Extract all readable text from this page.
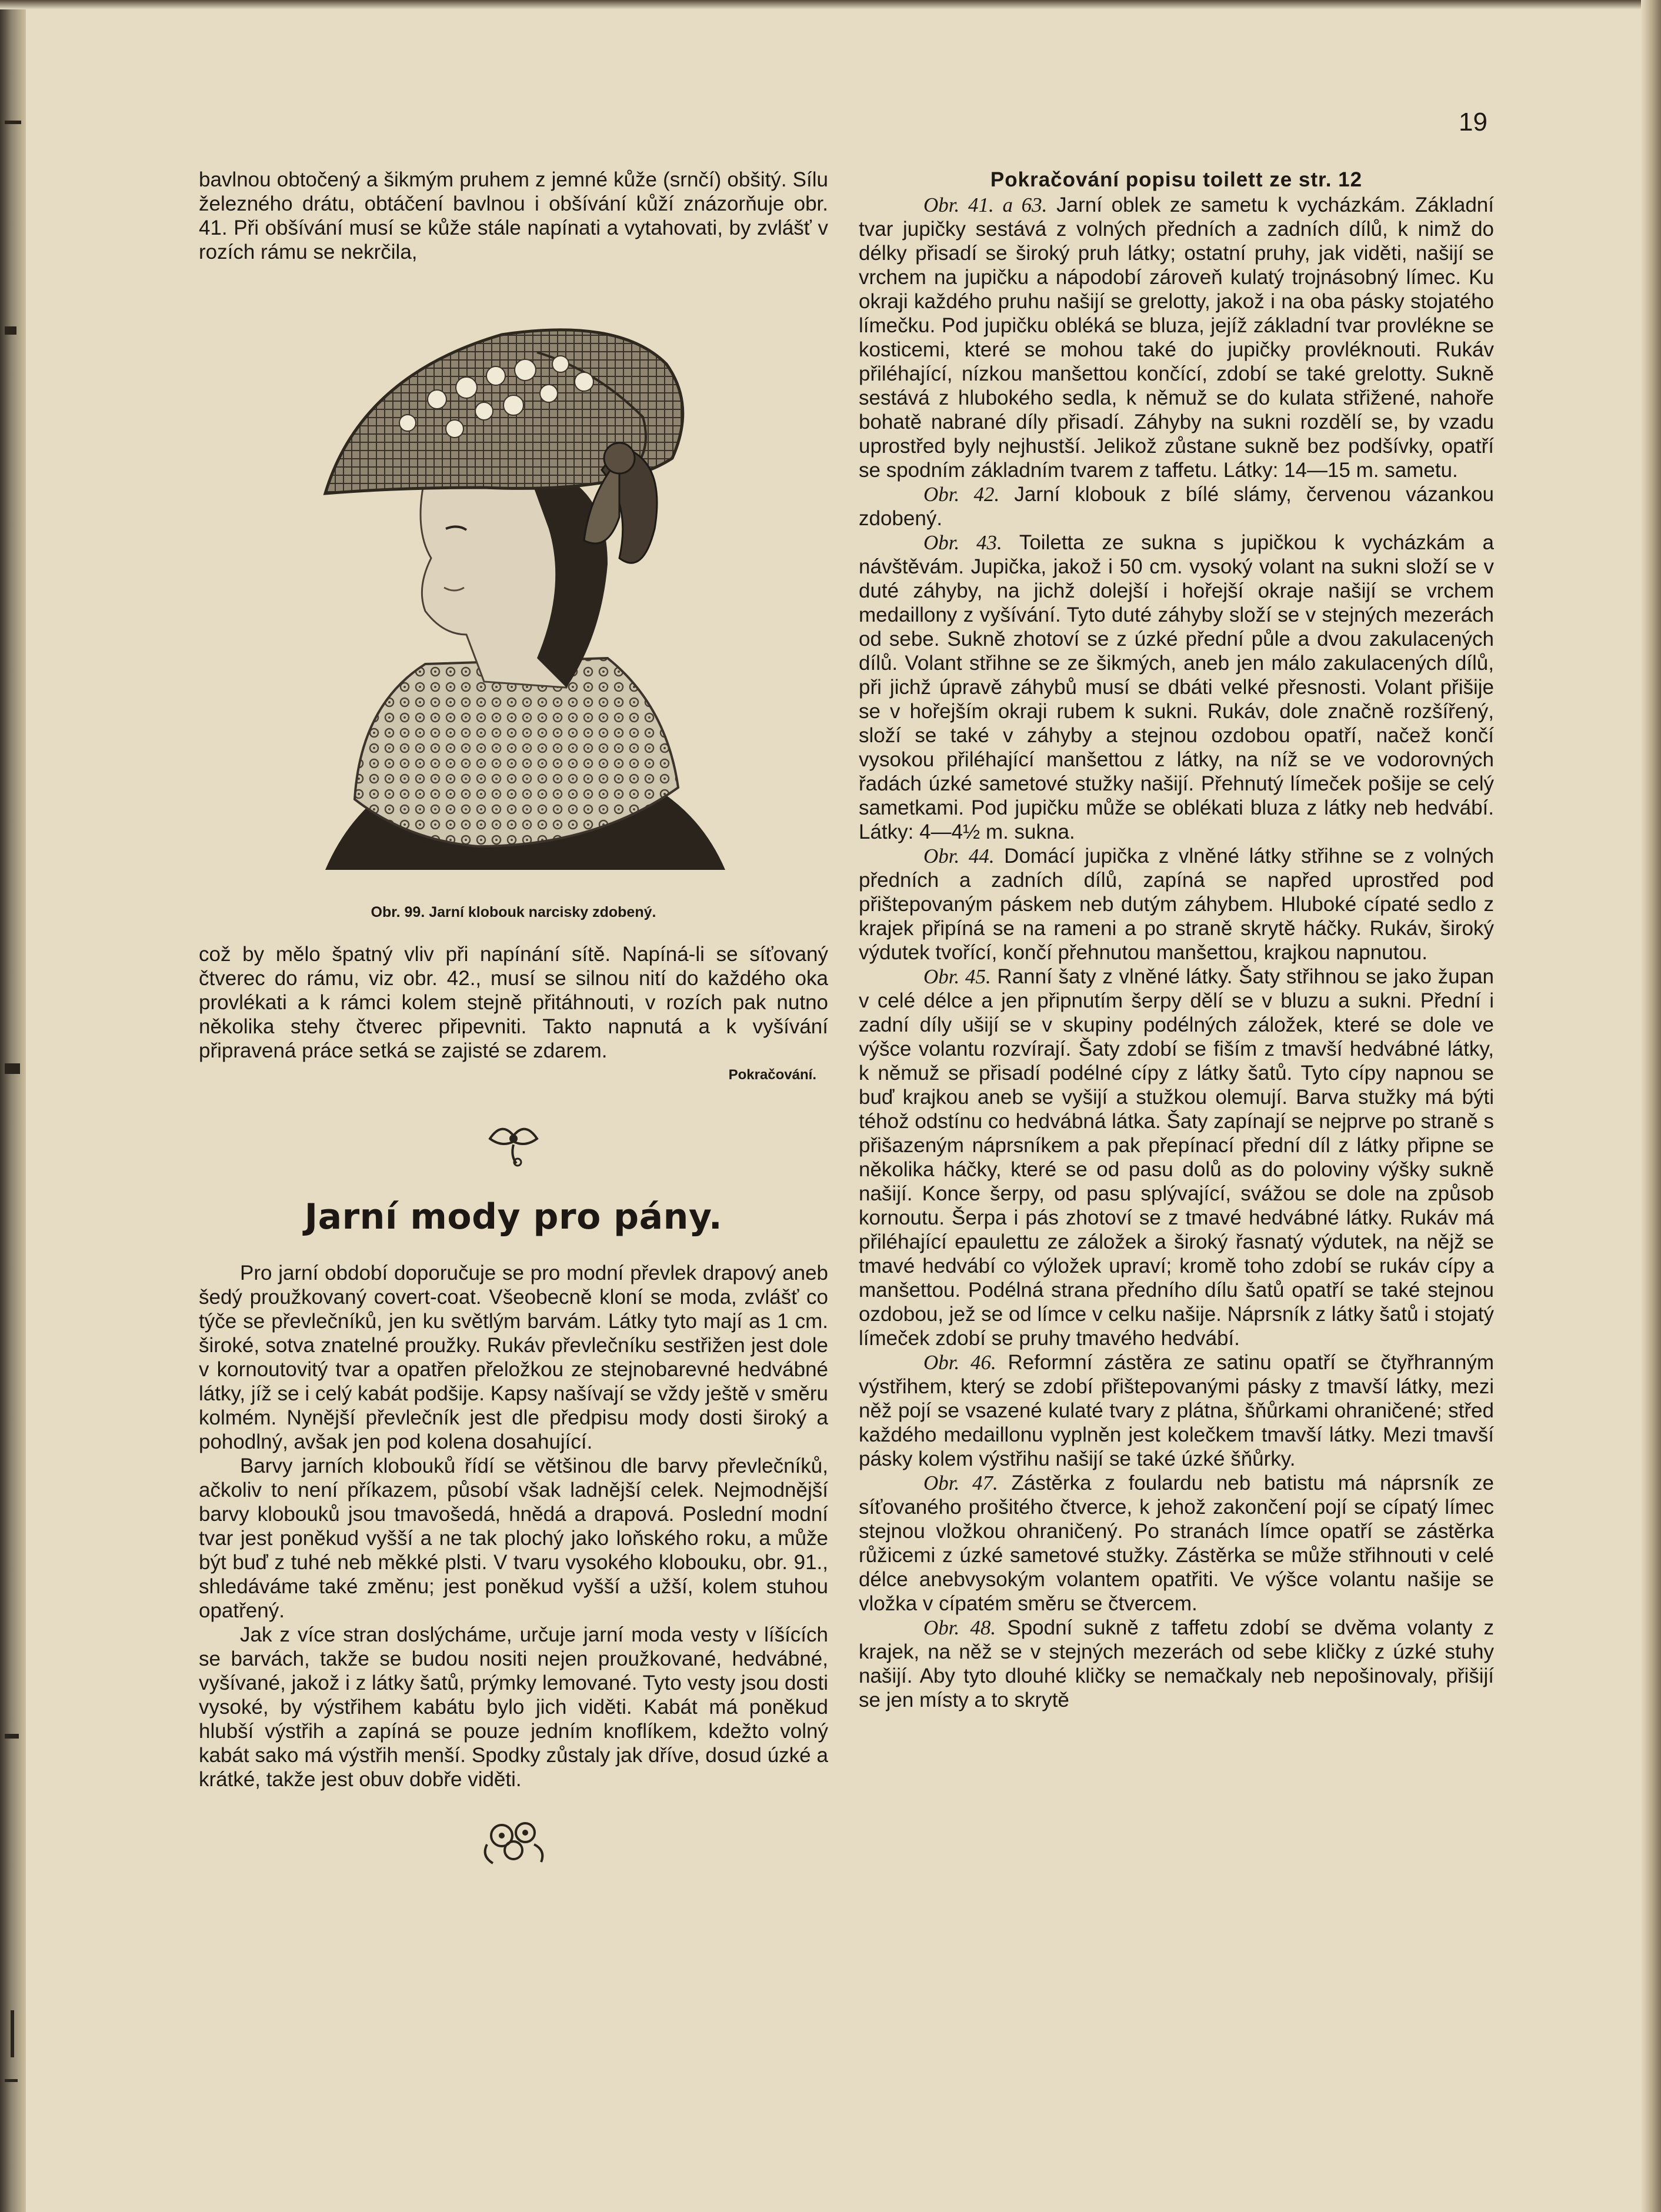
19

bavlnou obtočený a šikmým pruhem z jemné kůže (srnčí) obšitý. Sílu železného drátu, obtáčení bavlnou i obšívání kůží znázorňuje obr. 41. Při obšívání musí se kůže stále napínati a vytahovati, by zvlášť v rozích rámu se nekrčila,

Obr. 99. Jarní klobouk narcisky zdobený.

což by mělo špatný vliv při napínání sítě. Napíná-li se síťovaný čtverec do rámu, viz obr. 42., musí se silnou nití do každého oka provlékati a k rámci kolem stejně přitáhnouti, v rozích pak nutno několika stehy čtverec připevniti. Takto napnutá a k vyšívání připravená práce setká se zajisté se zdarem.

Pokračování.
Jarní mody pro pány.

Pro jarní období doporučuje se pro modní převlek drapový aneb šedý proužkovaný covert-coat. Všeobecně kloní se moda, zvlášť co týče se převlečníků, jen ku světlým barvám. Látky tyto mají as 1 cm. široké, sotva znatelné proužky. Rukáv převlečníku sestřižen jest dole v kornoutovitý tvar a opatřen přeložkou ze stejnobarevné hedvábné látky, jíž se i celý kabát podšije. Kapsy našívají se vždy ještě v směru kolmém. Nynější převlečník jest dle předpisu mody dosti široký a pohodlný, avšak jen pod kolena dosahující.

Barvy jarních klobouků řídí se většinou dle barvy převlečníků, ačkoliv to není příkazem, působí však ladnější celek. Nejmodnější barvy klobouků jsou tmavošedá, hnědá a drapová. Poslední modní tvar jest poněkud vyšší a ne tak plochý jako loňského roku, a může být buď z tuhé neb měkké plsti. V tvaru vysokého klobouku, obr. 91., shledáváme také změnu; jest poněkud vyšší a užší, kolem stuhou opatřený.

Jak z více stran doslýcháme, určuje jarní moda vesty v líšících se barvách, takže se budou nositi nejen proužkované, hedvábné, vyšívané, jakož i z látky šatů, prýmky lemované. Tyto vesty jsou dosti vysoké, by výstřihem kabátu bylo jich viděti. Kabát má poněkud hlubší výstřih a zapíná se pouze jedním knoflíkem, kdežto volný kabát sako má výstřih menší. Spodky zůstaly jak dříve, dosud úzké a krátké, takže jest obuv dobře viděti.

Pokračování popisu toilett ze str. 12

Obr. 41. a 63. Jarní oblek ze sametu k vycházkám. Základní tvar jupičky sestává z volných předních a zadních dílů, k nimž do délky přisadí se široký pruh látky; ostatní pruhy, jak viděti, našijí se vrchem na jupičku a nápodobí zároveň kulatý trojnásobný límec. Ku okraji každého pruhu našijí se grelotty, jakož i na oba pásky stojatého límečku. Pod jupičku obléká se bluza, jejíž základní tvar provlékne se kosticemi, které se mohou také do jupičky provléknouti. Rukáv přiléhající, nízkou manšettou končící, zdobí se také grelotty. Sukně sestává z hlubokého sedla, k němuž se do kulata střižené, nahoře bohatě nabrané díly přisadí. Záhyby na sukni rozdělí se, by vzadu uprostřed byly nejhustší. Jelikož zůstane sukně bez podšívky, opatří se spodním základním tvarem z taffetu. Látky: 14—15 m. sametu.

Obr. 42. Jarní klobouk z bílé slámy, červenou vázankou zdobený.

Obr. 43. Toiletta ze sukna s jupičkou k vycházkám a návštěvám. Jupička, jakož i 50 cm. vysoký volant na sukni složí se v duté záhyby, na jichž dolejší i hořejší okraje našijí se vrchem medaillony z vyšívání. Tyto duté záhyby složí se v stejných mezerách od sebe. Sukně zhotoví se z úzké přední půle a dvou zakulacených dílů. Volant střihne se ze šikmých, aneb jen málo zakulacených dílů, při jichž úpravě záhybů musí se dbáti velké přesnosti. Volant přišije se v hořejším okraji rubem k sukni. Rukáv, dole značně rozšířený, složí se také v záhyby a stejnou ozdobou opatří, načež končí vysokou přiléhající manšettou z látky, na níž se ve vodorovných řadách úzké sametové stužky našijí. Přehnutý límeček pošije se celý sametkami. Pod jupičku může se oblékati bluza z látky neb hedvábí. Látky: 4—4½ m. sukna.

Obr. 44. Domácí jupička z vlněné látky střihne se z volných předních a zadních dílů, zapíná se napřed uprostřed pod přištepovaným páskem neb dutým záhybem. Hluboké cípaté sedlo z krajek připíná se na rameni a po straně skrytě háčky. Rukáv, široký výdutek tvořící, končí přehnutou manšettou, krajkou napnutou.

Obr. 45. Ranní šaty z vlněné látky. Šaty střihnou se jako župan v celé délce a jen připnutím šerpy dělí se v bluzu a sukni. Přední i zadní díly ušijí se v skupiny podélných záložek, které se dole ve výšce volantu rozvírají. Šaty zdobí se fiším z tmavší hedvábné látky, k němuž se přisadí podélné cípy z látky šatů. Tyto cípy napnou se buď krajkou aneb se vyšijí a stužkou olemují. Barva stužky má býti téhož odstínu co hedvábná látka. Šaty zapínají se nejprve po straně s přišazeným náprsníkem a pak přepínací přední díl z látky připne se několika háčky, které se od pasu dolů as do poloviny výšky sukně našijí. Konce šerpy, od pasu splývající, svážou se dole na způsob kornoutu. Šerpa i pás zhotoví se z tmavé hedvábné látky. Rukáv má přiléhající epaulettu ze záložek a široký řasnatý výdutek, na nějž se tmavé hedvábí co výložek upraví; kromě toho zdobí se rukáv cípy a manšettou. Podélná strana předního dílu šatů opatří se také stejnou ozdobou, jež se od límce v celku našije. Náprsník z látky šatů i stojatý límeček zdobí se pruhy tmavého hedvábí.

Obr. 46. Reformní zástěra ze satinu opatří se čtyřhranným výstřihem, který se zdobí přištepovanými pásky z tmavší látky, mezi něž pojí se vsazené kulaté tvary z plátna, šňůrkami ohraničené; střed každého medaillonu vyplněn jest kolečkem tmavší látky. Mezi tmavší pásky kolem výstřihu našijí se také úzké šňůrky.

Obr. 47. Zástěrka z foulardu neb batistu má náprsník ze síťovaného prošitého čtverce, k jehož zakončení pojí se cípatý límec stejnou vložkou ohraničený. Po stranách límce opatří se zástěrka růžicemi z úzké sametové stužky. Zástěrka se může střihnouti v celé délce anebvysokým volantem opatřiti. Ve výšce volantu našije se vložka v cípatém směru se čtvercem.

Obr. 48. Spodní sukně z taffetu zdobí se dvěma volanty z krajek, na něž se v stejných mezerách od sebe kličky z úzké stuhy našijí. Aby tyto dlouhé kličky se nemačkaly neb nepošinovaly, přišijí se jen místy a to skrytě
